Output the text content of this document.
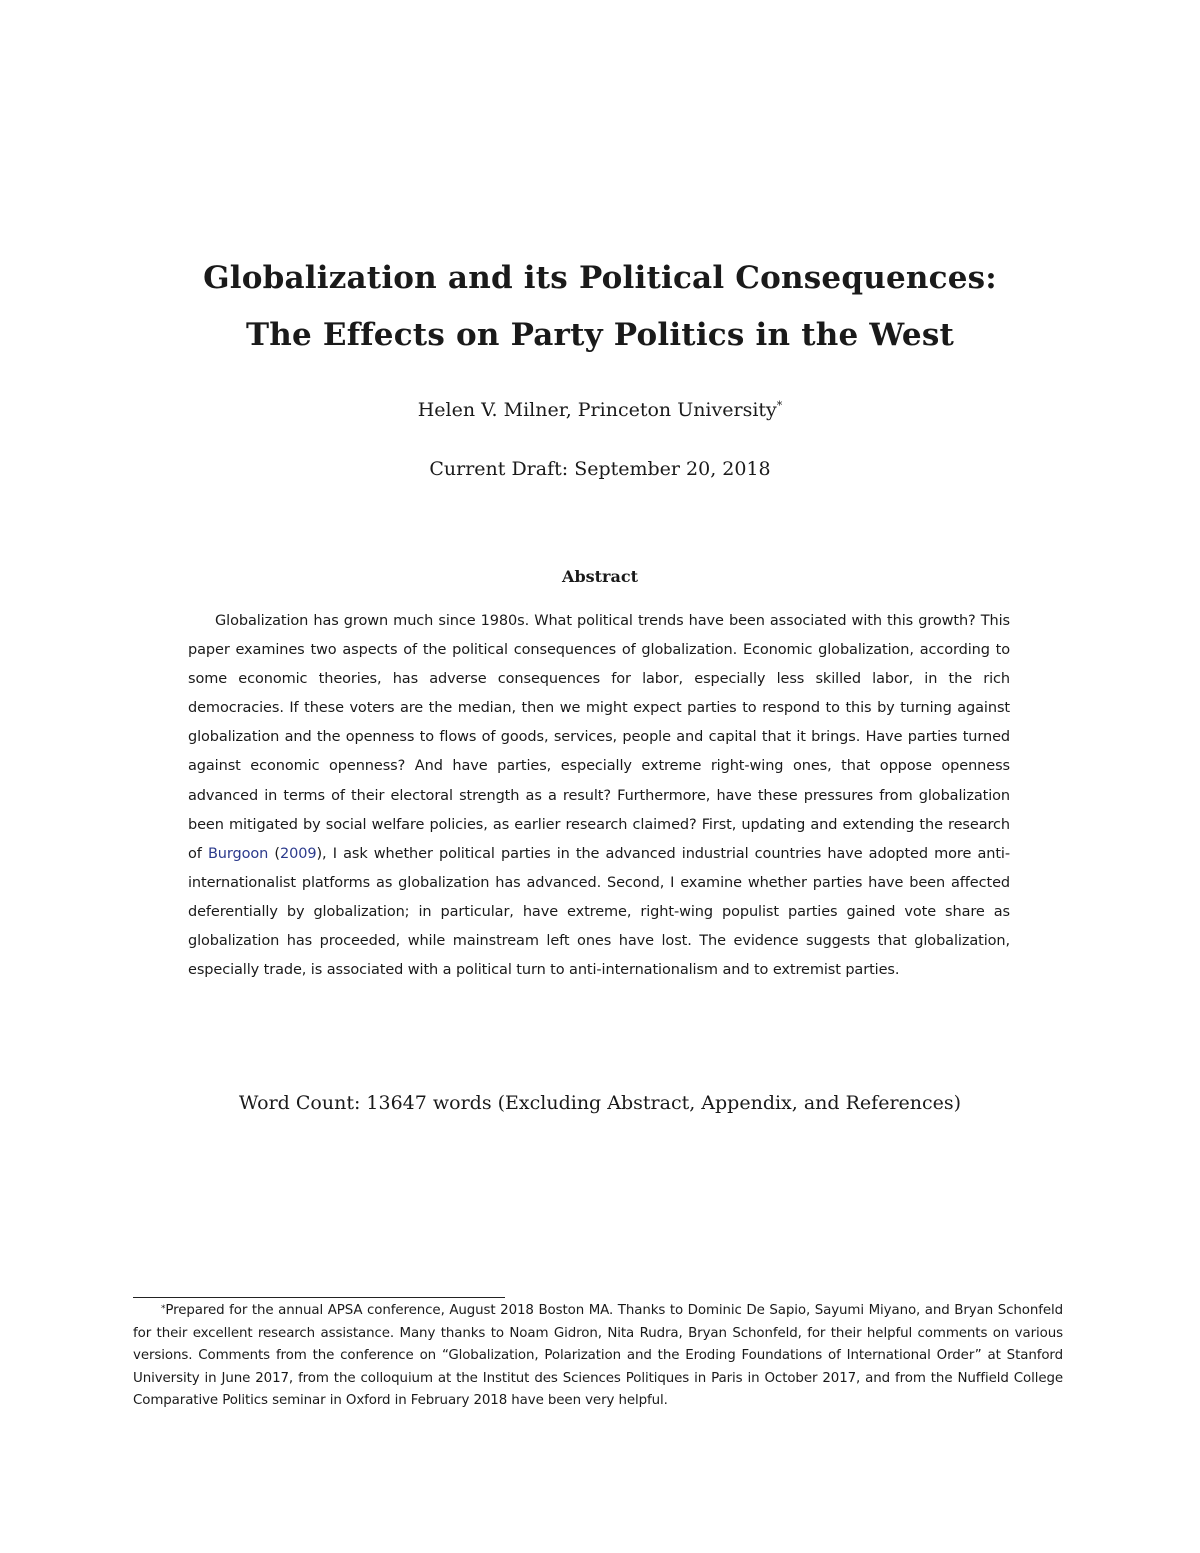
Globalization and its Political Consequences:
The Effects on Party Politics in the West
Helen V. Milner, Princeton University*
Current Draft: September 20, 2018
Abstract

Globalization has grown much since 1980s. What political trends have been associated with this growth? This paper examines two aspects of the political consequences of globalization. Economic globalization, according to some economic theories, has adverse consequences for labor, especially less skilled labor, in the rich democracies. If these voters are the median, then we might expect parties to respond to this by turning against globalization and the openness to flows of goods, services, people and capital that it brings. Have parties turned against economic openness? And have parties, especially extreme right-wing ones, that oppose openness advanced in terms of their electoral strength as a result? Furthermore, have these pressures from globalization been mitigated by social welfare policies, as earlier research claimed? First, updating and extending the research of Burgoon (2009), I ask whether political parties in the advanced industrial countries have adopted more anti-internationalist platforms as globalization has advanced. Second, I examine whether parties have been affected deferentially by globalization; in particular, have extreme, right-wing populist parties gained vote share as globalization has proceeded, while mainstream left ones have lost. The evidence suggests that globalization, especially trade, is associated with a political turn to anti-internationalism and to extremist parties.

Word Count: 13647 words (Excluding Abstract, Appendix, and References)

*Prepared for the annual APSA conference, August 2018 Boston MA. Thanks to Dominic De Sapio, Sayumi Miyano, and Bryan Schonfeld for their excellent research assistance. Many thanks to Noam Gidron, Nita Rudra, Bryan Schonfeld, for their helpful comments on various versions. Comments from the conference on “Globalization, Polarization and the Eroding Foundations of International Order” at Stanford University in June 2017, from the colloquium at the Institut des Sciences Politiques in Paris in October 2017, and from the Nuffield College Comparative Politics seminar in Oxford in February 2018 have been very helpful.
